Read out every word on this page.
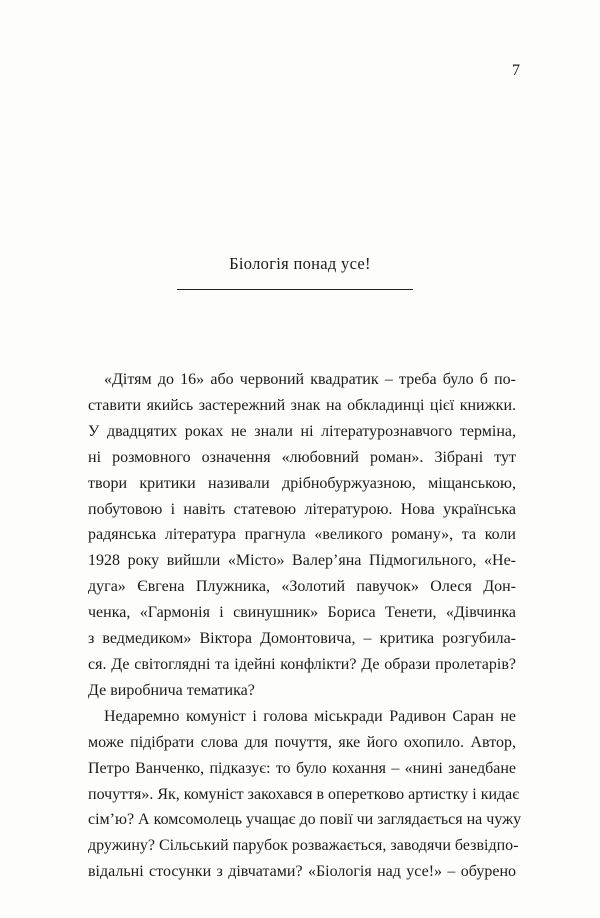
7
Біологія понад усе!
«Дітям до 16» або червоний квадратик – треба було б по-
ставити якийсь застережний знак на обкладинці цієї книжки.
У двадцятих роках не знали ні літературознавчого терміна,
ні розмовного означення «любовний роман». Зібрані тут
твори критики називали дрібнобуржуазною, міщанською,
побутовою і навіть статевою літературою. Нова українська
радянська література прагнула «великого роману», та коли
1928 року вийшли «Місто» Валер’яна Підмогильного, «Не-
дуга» Євгена Плужника, «Золотий павучок» Олеся Дон-
ченка, «Гармонія і свинушник» Бориса Тенети, «Дівчинка
з ведмедиком» Віктора Домонтовича, – критика розгубила-
ся. Де світоглядні та ідейні конфлікти? Де образи пролетарів?
Де виробнича тематика?
Недаремно комуніст і голова міськради Радивон Саран не
може підібрати слова для почуття, яке його охопило. Автор,
Петро Ванченко, підказує: то було кохання – «нині занедбане
почуття». Як, комуніст закохався в оперетково артистку і кидає
сім’ю? А комсомолець учащає до повії чи заглядається на чужу
дружину? Сільський парубок розважається, заводячи безвідпо-
відальні стосунки з дівчатами? «Біологія над усе!» – обурено
